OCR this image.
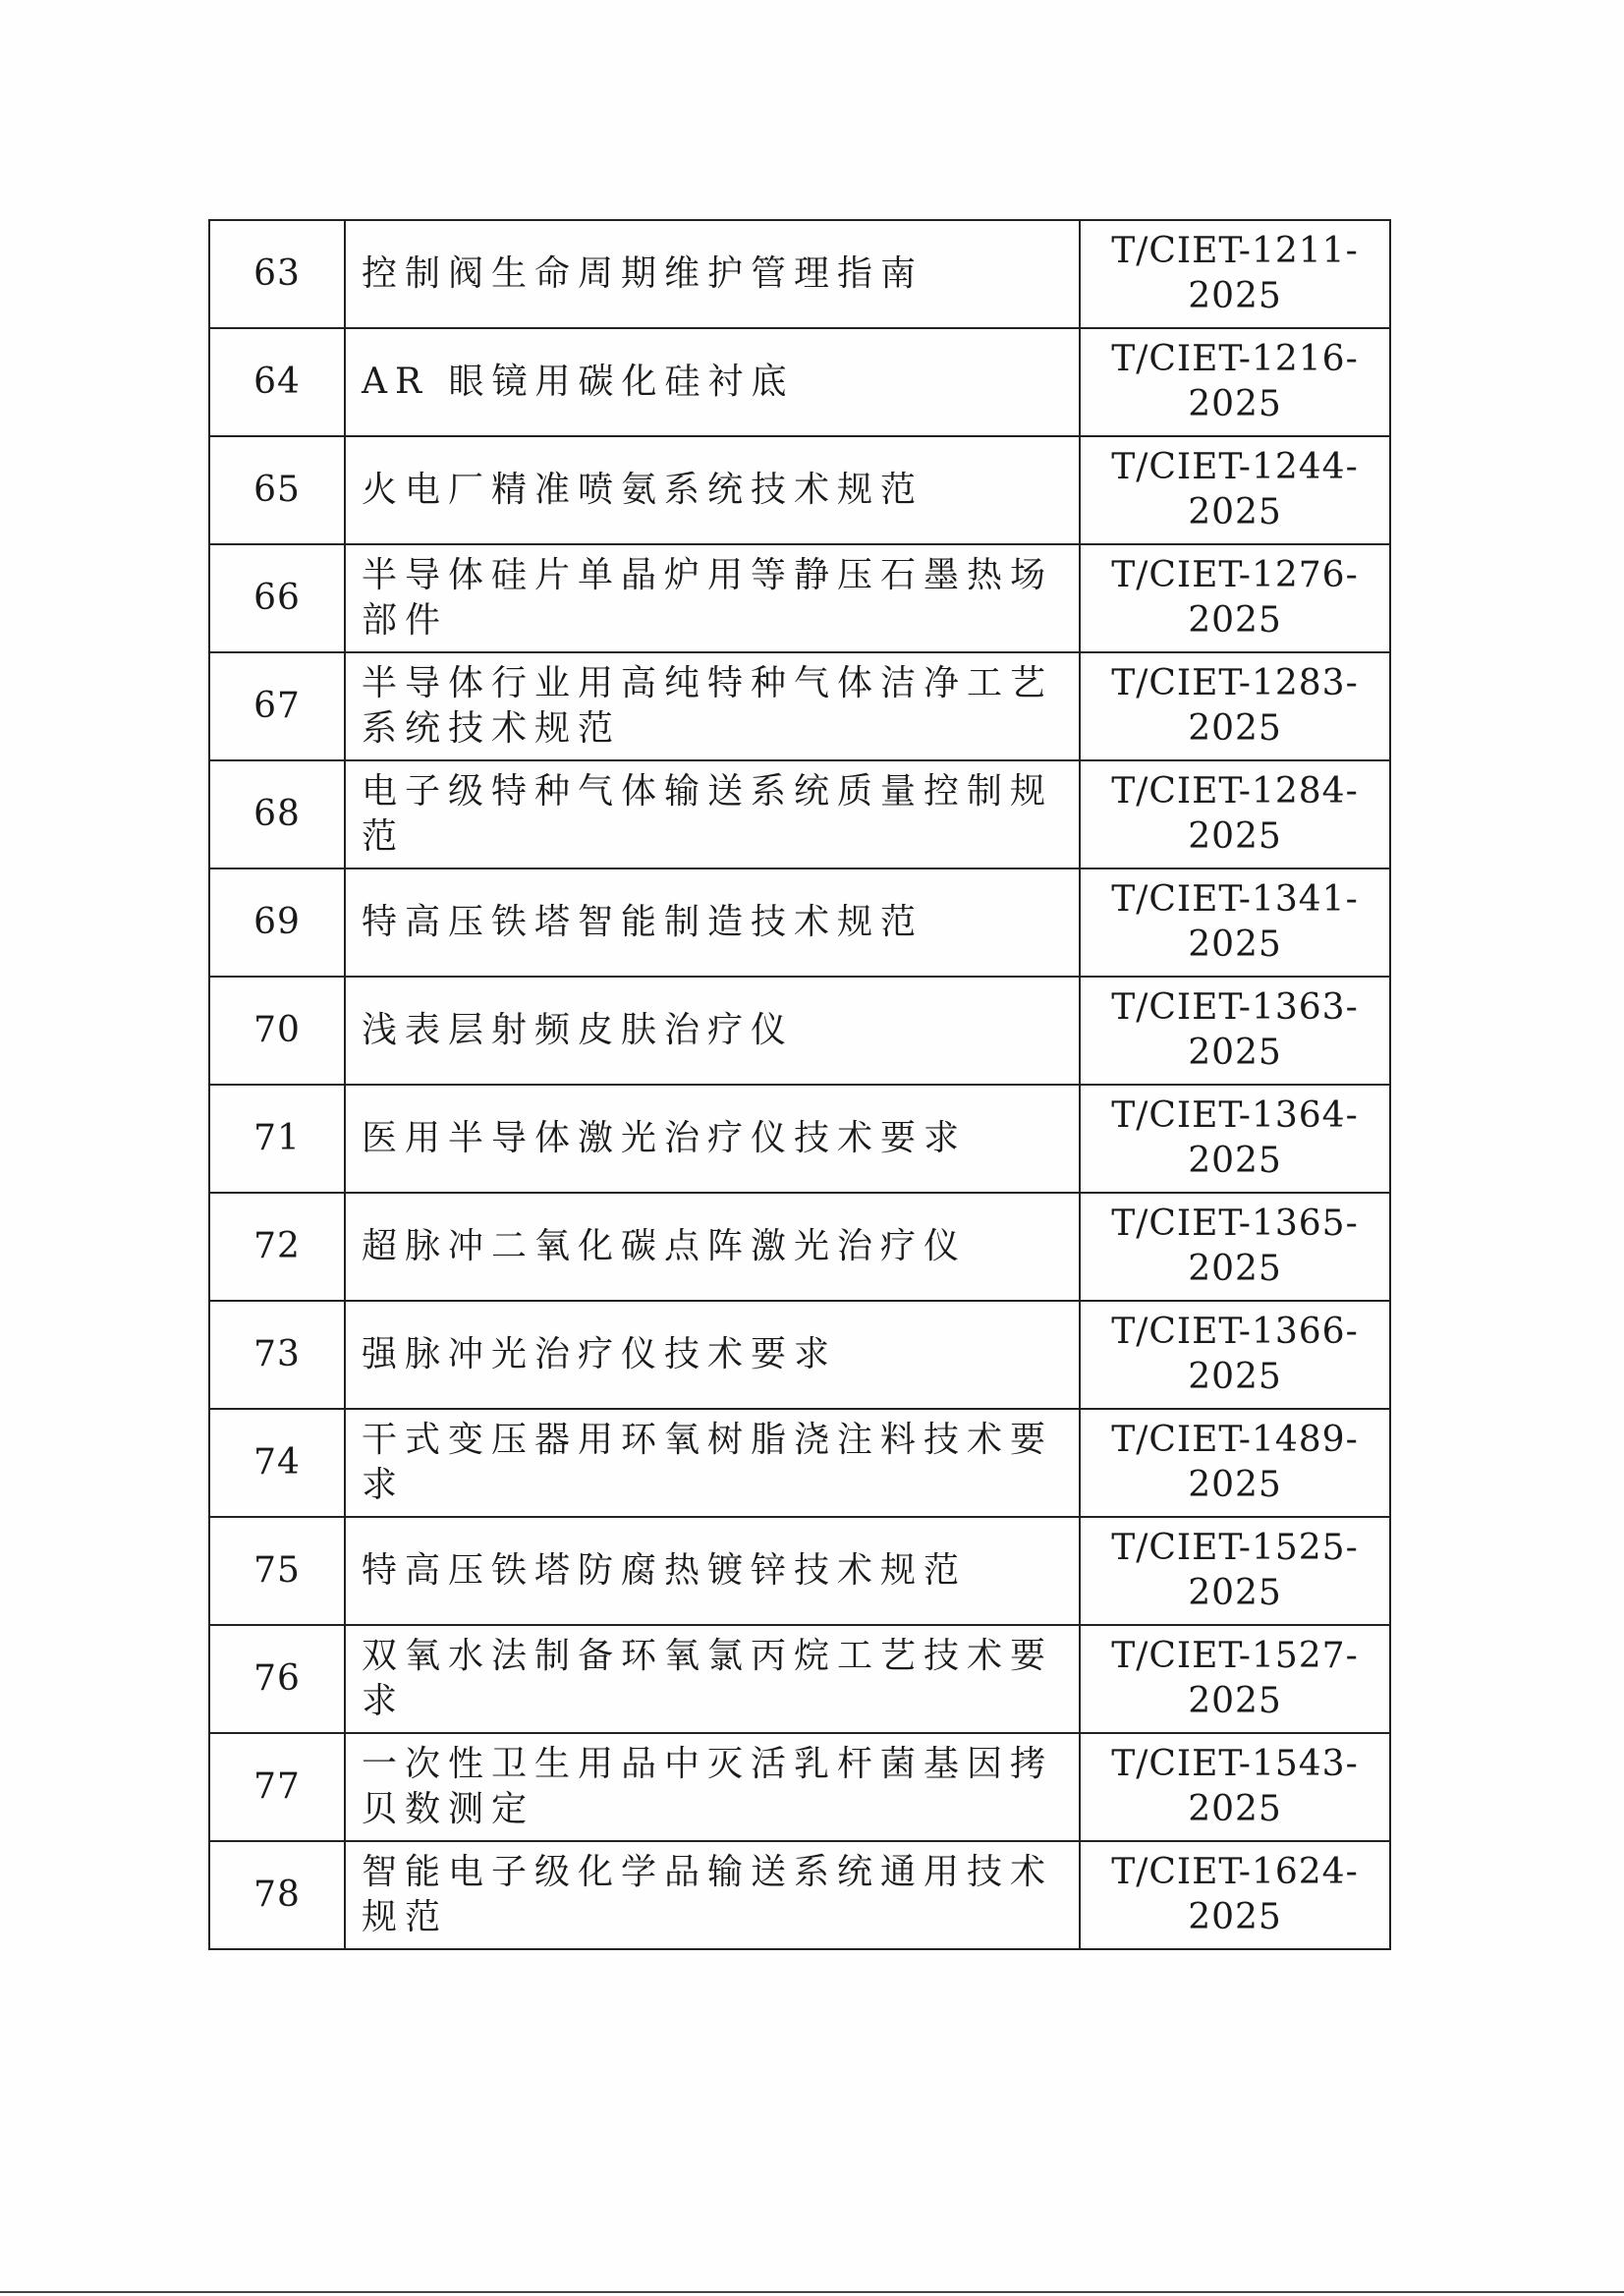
63	控制阀生命周期维护管理指南	T/CIET-1211-2025
64	AR 眼镜用碳化硅衬底	T/CIET-1216-2025
65	火电厂精准喷氨系统技术规范	T/CIET-1244-2025
66	半导体硅片单晶炉用等静压石墨热场部件	T/CIET-1276-2025
67	半导体行业用高纯特种气体洁净工艺系统技术规范	T/CIET-1283-2025
68	电子级特种气体输送系统质量控制规范	T/CIET-1284-2025
69	特高压铁塔智能制造技术规范	T/CIET-1341-2025
70	浅表层射频皮肤治疗仪	T/CIET-1363-2025
71	医用半导体激光治疗仪技术要求	T/CIET-1364-2025
72	超脉冲二氧化碳点阵激光治疗仪	T/CIET-1365-2025
73	强脉冲光治疗仪技术要求	T/CIET-1366-2025
74	干式变压器用环氧树脂浇注料技术要求	T/CIET-1489-2025
75	特高压铁塔防腐热镀锌技术规范	T/CIET-1525-2025
76	双氧水法制备环氧氯丙烷工艺技术要求	T/CIET-1527-2025
77	一次性卫生用品中灭活乳杆菌基因拷贝数测定	T/CIET-1543-2025
78	智能电子级化学品输送系统通用技术规范	T/CIET-1624-2025
